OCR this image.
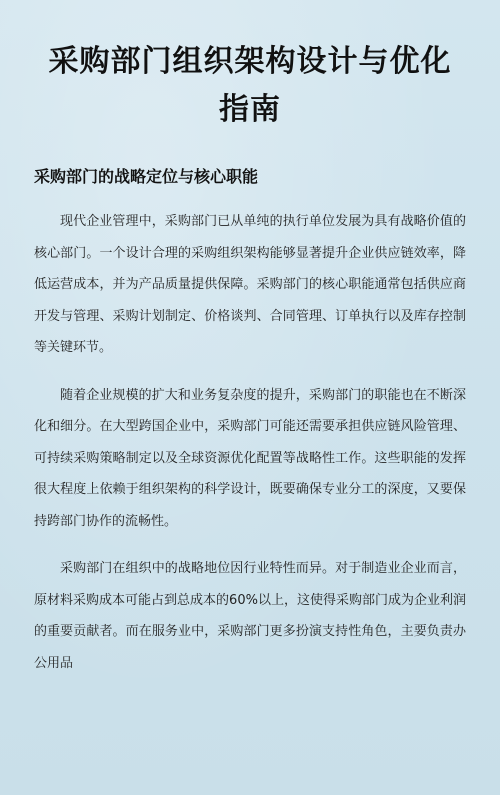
采购部门组织架构设计与优化指南
采购部门的战略定位与核心职能

现代企业管理中，采购部门已从单纯的执行单位发展为具有战略价值的核心部门。一个设计合理的采购组织架构能够显著提升企业供应链效率，降低运营成本，并为产品质量提供保障。采购部门的核心职能通常包括供应商开发与管理、采购计划制定、价格谈判、合同管理、订单执行以及库存控制等关键环节。

随着企业规模的扩大和业务复杂度的提升，采购部门的职能也在不断深化和细分。在大型跨国企业中，采购部门可能还需要承担供应链风险管理、可持续采购策略制定以及全球资源优化配置等战略性工作。这些职能的发挥很大程度上依赖于组织架构的科学设计，既要确保专业分工的深度，又要保持跨部门协作的流畅性。

采购部门在组织中的战略地位因行业特性而异。对于制造业企业而言，原材料采购成本可能占到总成本的60%以上，这使得采购部门成为企业利润的重要贡献者。而在服务业中，采购部门更多扮演支持性角色，主要负责办公用品
